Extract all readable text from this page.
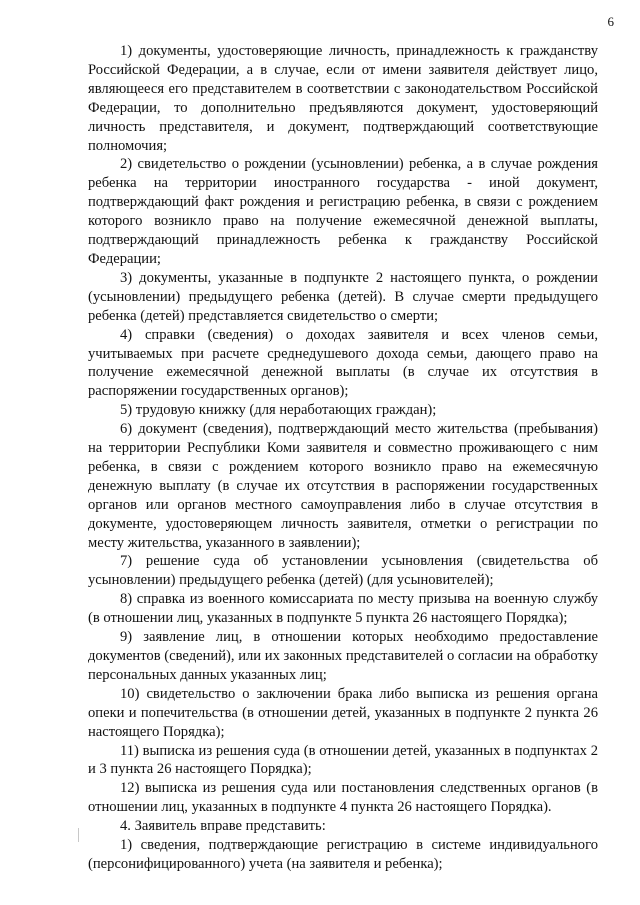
6

1) документы, удостоверяющие личность, принадлежность к гражданству Российской Федерации, а в случае, если от имени заявителя действует лицо, являющееся его представителем в соответствии с законодательством Российской Федерации, то дополнительно предъявляются документ, удостоверяющий личность представителя, и документ, подтверждающий соответствующие полномочия;

2) свидетельство о рождении (усыновлении) ребенка, а в случае рождения ребенка на территории иностранного государства - иной документ, подтверждающий факт рождения и регистрацию ребенка, в связи с рождением которого возникло право на получение ежемесячной денежной выплаты, подтверждающий принадлежность ребенка к гражданству Российской Федерации;

3) документы, указанные в подпункте 2 настоящего пункта, о рождении (усыновлении) предыдущего ребенка (детей). В случае смерти предыдущего ребенка (детей) представляется свидетельство о смерти;

4) справки (сведения) о доходах заявителя и всех членов семьи, учитываемых при расчете среднедушевого дохода семьи, дающего право на получение ежемесячной денежной выплаты (в случае их отсутствия в распоряжении государственных органов);

5) трудовую книжку (для неработающих граждан);

6) документ (сведения), подтверждающий место жительства (пребывания) на территории Республики Коми заявителя и совместно проживающего с ним ребенка, в связи с рождением которого возникло право на ежемесячную денежную выплату (в случае их отсутствия в распоряжении государственных органов или органов местного самоуправления либо в случае отсутствия в документе, удостоверяющем личность заявителя, отметки о регистрации по месту жительства, указанного в заявлении);

7) решение суда об установлении усыновления (свидетельства об усыновлении) предыдущего ребенка (детей) (для усыновителей);

8) справка из военного комиссариата по месту призыва на военную службу (в отношении лиц, указанных в подпункте 5 пункта 26 настоящего Порядка);

9) заявление лиц, в отношении которых необходимо предоставление документов (сведений), или их законных представителей о согласии на обработку персональных данных указанных лиц;

10) свидетельство о заключении брака либо выписка из решения органа опеки и попечительства (в отношении детей, указанных в подпункте 2 пункта 26 настоящего Порядка);

11) выписка из решения суда (в отношении детей, указанных в подпунктах 2 и 3 пункта 26 настоящего Порядка);

12) выписка из решения суда или постановления следственных органов (в отношении лиц, указанных в подпункте 4 пункта 26 настоящего Порядка).

4. Заявитель вправе представить:

1) сведения, подтверждающие регистрацию в системе индивидуального (персонифицированного) учета (на заявителя и ребенка);
